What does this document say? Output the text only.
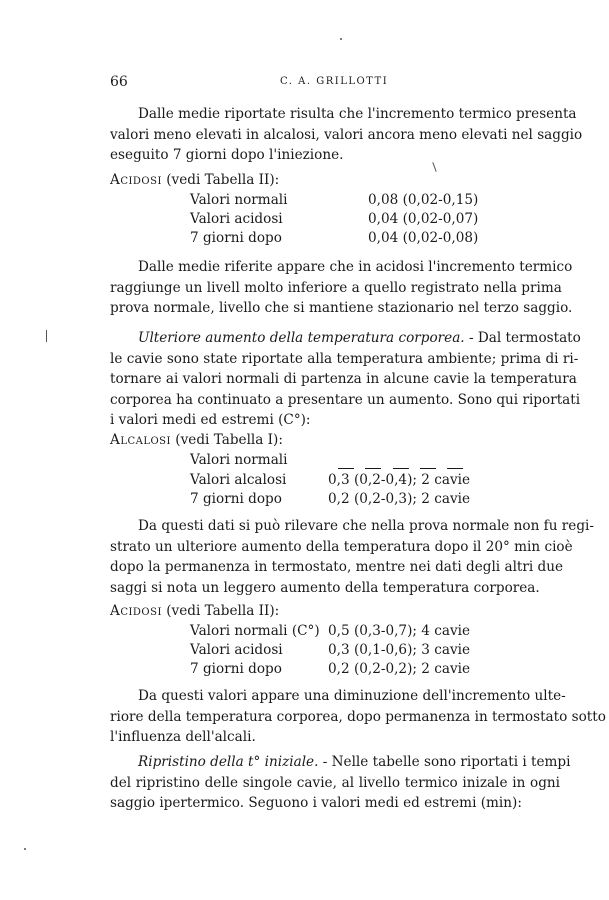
66	C. A. GRILLOTTI
Dalle medie riportate risulta che l'incremento termico presenta
valori meno elevati in alcalosi, valori ancora meno elevati nel saggio
eseguito 7 giorni dopo l'iniezione.
Acidosi (vedi Tabella II):
Valori normali	0,08 (0,02-0,15)
Valori acidosi	0,04 (0,02-0,07)
7 giorni dopo	0,04 (0,02-0,08)
Dalle medie riferite appare che in acidosi l'incremento termico
raggiunge un livell molto inferiore a quello registrato nella prima
prova normale, livello che si mantiene stazionario nel terzo saggio.
Ulteriore aumento della temperatura corporea. - Dal termostato
le cavie sono state riportate alla temperatura ambiente; prima di ri-
tornare ai valori normali di partenza in alcune cavie la temperatura
corporea ha continuato a presentare un aumento. Sono qui riportati
i valori medi ed estremi (C°):
Alcalosi (vedi Tabella I):
Valori normali
Valori alcalosi	0,3 (0,2-0,4); 2 cavie
7 giorni dopo	0,2 (0,2-0,3); 2 cavie
Da questi dati si può rilevare che nella prova normale non fu regi-
strato un ulteriore aumento della temperatura dopo il 20° min cioè
dopo la permanenza in termostato, mentre nei dati degli altri due
saggi si nota un leggero aumento della temperatura corporea.
Acidosi (vedi Tabella II):
Valori normali (C°) 0,5 (0,3-0,7); 4 cavie
Valori acidosi	0,3 (0,1-0,6); 3 cavie
7 giorni dopo	0,2 (0,2-0,2); 2 cavie
Da questi valori appare una diminuzione dell'incremento ulte-
riore della temperatura corporea, dopo permanenza in termostato sotto
l'influenza dell'alcali.
Ripristino della t° iniziale. - Nelle tabelle sono riportati i tempi
del ripristino delle singole cavie, al livello termico inizale in ogni
saggio ipertermico. Seguono i valori medi ed estremi (min):
